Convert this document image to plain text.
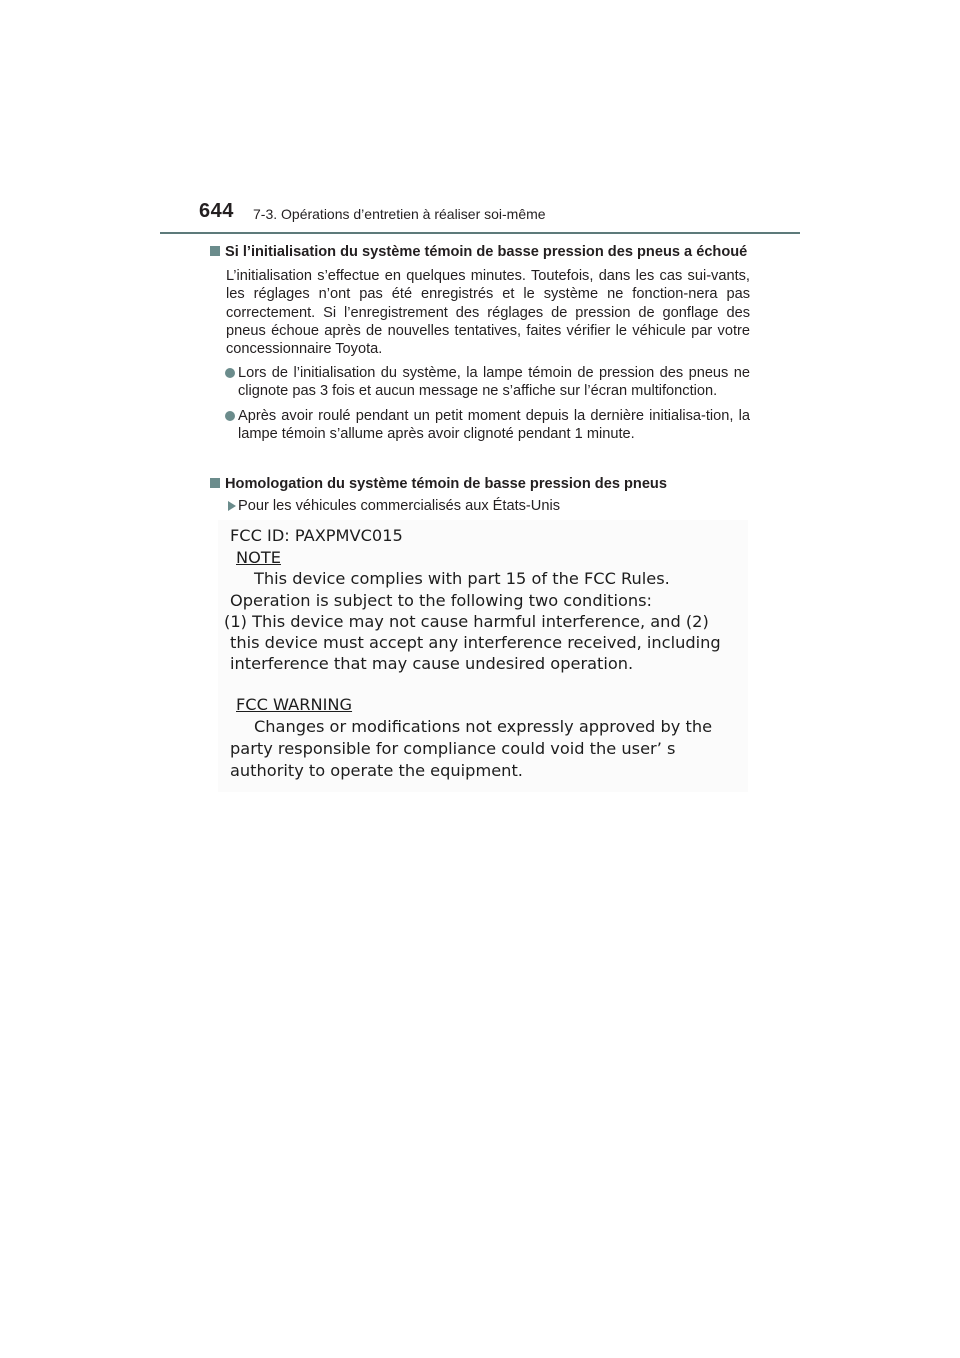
644 7-3. Opérations d’entretien à réaliser soi-même
Si l’initialisation du système témoin de basse pression des pneus a échoué
L’initialisation s’effectue en quelques minutes. Toutefois, dans les cas sui-vants, les réglages n’ont pas été enregistrés et le système ne fonction-nera pas correctement. Si l’enregistrement des réglages de pression de gonflage des pneus échoue après de nouvelles tentatives, faites vérifier le véhicule par votre concessionnaire Toyota.
Lors de l’initialisation du système, la lampe témoin de pression des pneus ne clignote pas 3 fois et aucun message ne s’affiche sur l’écran multifonction.
Après avoir roulé pendant un petit moment depuis la dernière initialisa-tion, la lampe témoin s’allume après avoir clignoté pendant 1 minute.
Homologation du système témoin de basse pression des pneus
Pour les véhicules commercialisés aux États-Unis
FCC ID: PAXPMVC015
NOTE
This device complies with part 15 of the FCC Rules.
Operation is subject to the following two conditions:
(1) This device may not cause harmful interference, and (2)
this device must accept any interference received, including
interference that may cause undesired operation.
FCC WARNING
Changes or modifications not expressly approved by the
party responsible for compliance could void the user’ s
authority to operate the equipment.
